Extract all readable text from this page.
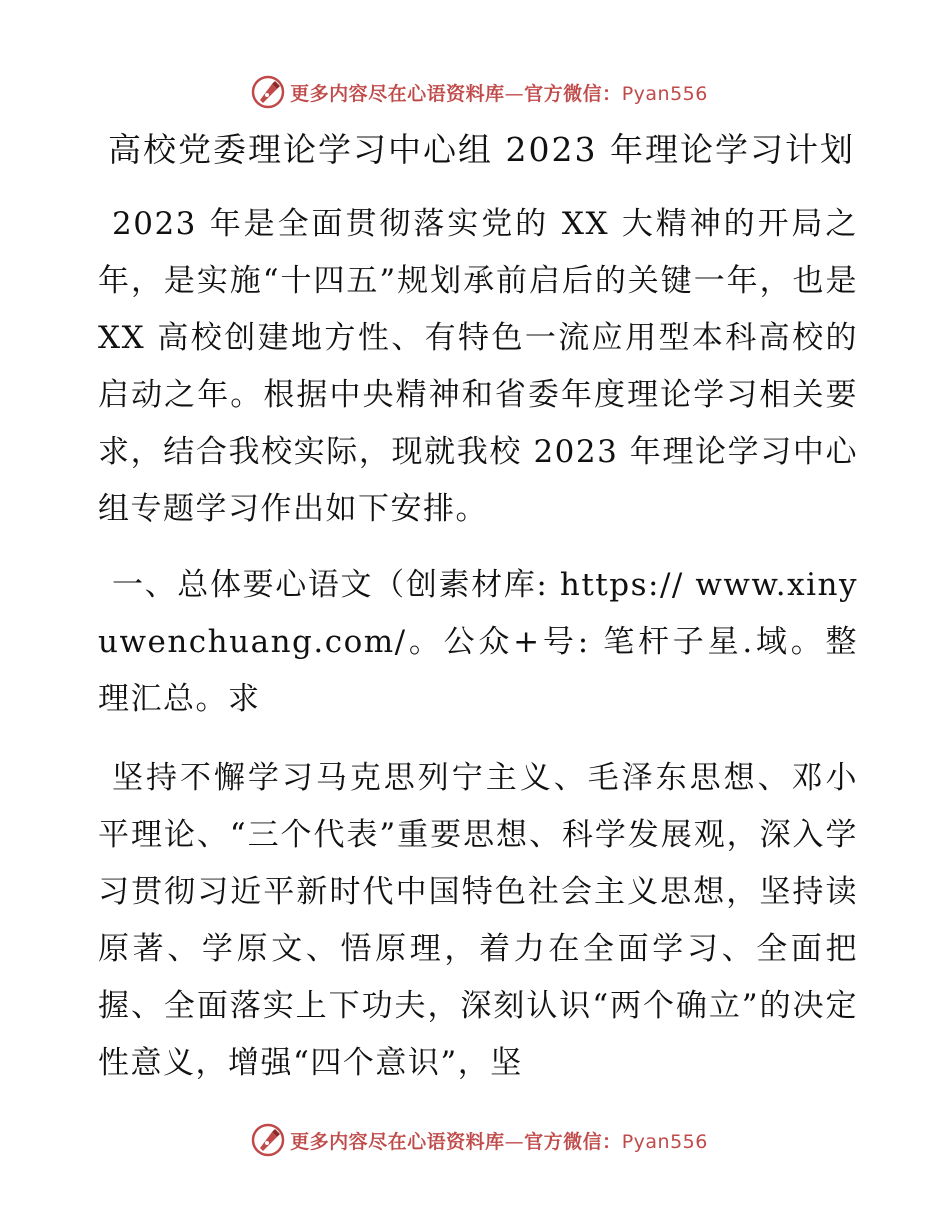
更多内容尽在心语资料库—官方微信：Pyan556
高校党委理论学习中心组 2023 年理论学习计划

2023 年是全面贯彻落实党的 XX 大精神的开局之年，是实施“十四五”规划承前启后的关键一年，也是 XX 高校创建地方性、有特色一流应用型本科高校的启动之年。根据中央精神和省委年度理论学习相关要求，结合我校实际，现就我校 2023 年理论学习中心组专题学习作出如下安排。

一、总体要心语文（创素材库: https:// www.xinyuwenchuang.com/。公众+号: 笔杆子星.域。整理汇总。求

坚持不懈学习马克思列宁主义、毛泽东思想、邓小平理论、“三个代表”重要思想、科学发展观，深入学习贯彻习近平新时代中国特色社会主义思想，坚持读原著、学原文、悟原理，着力在全面学习、全面把握、全面落实上下功夫，深刻认识“两个确立”的决定性意义，增强“四个意识”，坚

更多内容尽在心语资料库—官方微信：Pyan556
